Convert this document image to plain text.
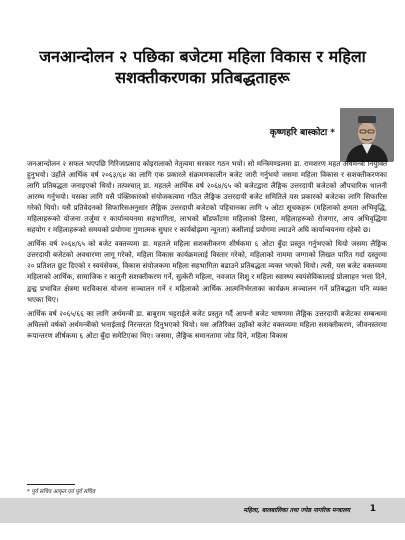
जनआन्दोलन २ पछिका बजेटमा महिला विकास र महिला सशक्तीकरणका प्रतिबद्धताहरू
कृष्णहरि बास्कोटा *

जनआन्दोलन २ सफल भएपछि गिरिजाप्रसाद कोइरालाको नेतृत्वमा सरकार गठन भयो। सो मन्त्रिमण्डलमा डा. रामशरण महत अर्थमन्त्री नियुक्ति हुनुभयो। उहाँले आर्थिक वर्ष २०६३/६४ का लागि एक प्रकारले संक्रमणकालीन बजेट जारी गर्नुभयो जसमा महिला विकास र सशक्तीकरणका लागि प्रतिबद्धता जनाइएको थियो। तत्पश्चात् डा. महतले आर्थिक वर्ष २०६४/६५ को बजेटद्वारा लैङ्गिक उत्तरदायी बजेटको औपचारिक थालनी आरम्भ गर्नुभयो। यसका लागि यसै पंक्तिकारको संयोजकत्वमा गठित लैङ्गिक उत्तरदायी बजेट समितिले यस प्रकारको बजेटका लागि सिफारिस गरेको थियो। यसै प्रतिवेदनको सिफारिसअनुसार लैङ्गिक उत्तरदायी बजेटको पहिचानका लागि ५ ओटा सूचकहरू (महिलाको क्षमता अभिवृद्धि, महिलाहरूको योजना तर्जुमा र कार्यान्वयनमा सहभागिता, लाभको बाँडफाँटमा महिलाको हिस्सा, महिलाहरूको रोजगार, आय अभिवृद्धिमा सहयोग र महिलाहरूको समयको प्रयोगमा गुणात्मक सुधार र कार्यबोझमा न्यूनता) कसीलाई प्रयोगमा ल्याउने अघि कार्यान्वयनमा रहेको छ।

आर्थिक वर्ष २०६४/६५ को बजेट वक्तव्यमा डा. महतले महिला सशक्तीकरण शीर्षकमा ६ ओटा बुँदा प्रस्तुत गर्नुभएको थियो जसमा लैङ्गिक उत्तरदायी बजेटको अवधारणा लागू गरेको, महिला विकास कार्यक्रमलाई विस्तार गरेको, महिलाको नाममा जग्गाको लिखत पारित गर्दा दस्तुरमा २० प्रतिशत छुट दिएको र स्वयंसेवक, विकास संयोजकमा महिला सहभागिता बढाउने प्रतिबद्धता व्यक्त भएको थियो। त्यसै, यस बजेट वक्तव्यमा महिलाको आर्थिक, सामाजिक र कानुनी सशक्तीकरण गर्ने, सुत्केरी महिला, नवजात शिशु र महिला स्वास्थ्य स्वयंसेविकालाई प्रोत्साहन भत्ता दिने, द्वन्द्व प्रभावित क्षेत्रमा घरविकास योजना सञ्चालन गर्ने र महिलाको आर्थिक आत्मनिर्भरताका कार्यक्रम सञ्चालन गर्ने प्रतिबद्धता पनि व्यक्त भएका थिए।

आर्थिक वर्ष २०६५/६६ का लागि अर्थमन्त्री डा. बाबुराम भट्टराईले बजेट प्रस्तुत गर्दै आफ्नो बजेट भाषणमा लैङ्गिक उत्तरदायी बजेटका सम्बन्धमा अघिल्लो वर्षको अर्थमन्त्रीको भनाईलाई निरन्तरता दिनुभएको थियो। यस अतिरिक्त उहाँको बजेट वक्तव्यमा महिला सशक्तीकरण, जीवनस्तरमा रूपान्तरण शीर्षकमा ६ ओटा बुँदा समेटिएका थिए। जसमा, लैङ्गिक समानतामा जोड दिने, महिला विकास

* पूर्व सचिव आकृत एवं पूर्व सचिव
महिला, बालबालिका तथा ज्येष्ठ नागरिक मन्त्रालय 1
